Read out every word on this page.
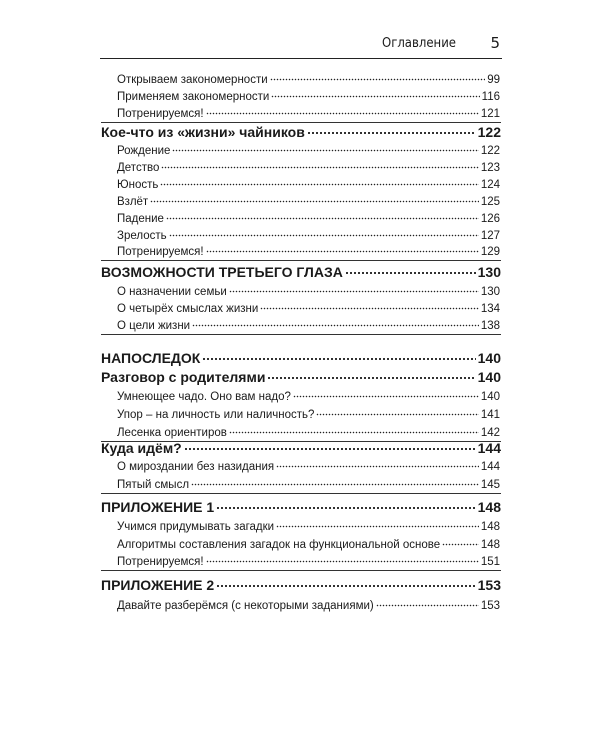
Оглавление 5
Открываем закономерности	99
Применяем закономерности	116
Потренируемся!	121
Кое-что из «жизни» чайников	122
Рождение	122
Детство	123
Юность	124
Взлёт	125
Падение	126
Зрелость	127
Потренируемся!	129
ВОЗМОЖНОСТИ ТРЕТЬЕГО ГЛАЗА	130
О назначении семьи	130
О четырёх смыслах жизни	134
О цели жизни	138
НАПОСЛЕДОК	140
Разговор с родителями	140
Умнеющее чадо. Оно вам надо?	140
Упор – на личность или наличность?	141
Лесенка ориентиров	142
Куда идём?	144
О мироздании без назидания	144
Пятый смысл	145
ПРИЛОЖЕНИЕ 1	148
Учимся придумывать загадки	148
Алгоритмы составления загадок на функциональной основе	148
Потренируемся!	151
ПРИЛОЖЕНИЕ 2	153
Давайте разберёмся (с некоторыми заданиями)	153
